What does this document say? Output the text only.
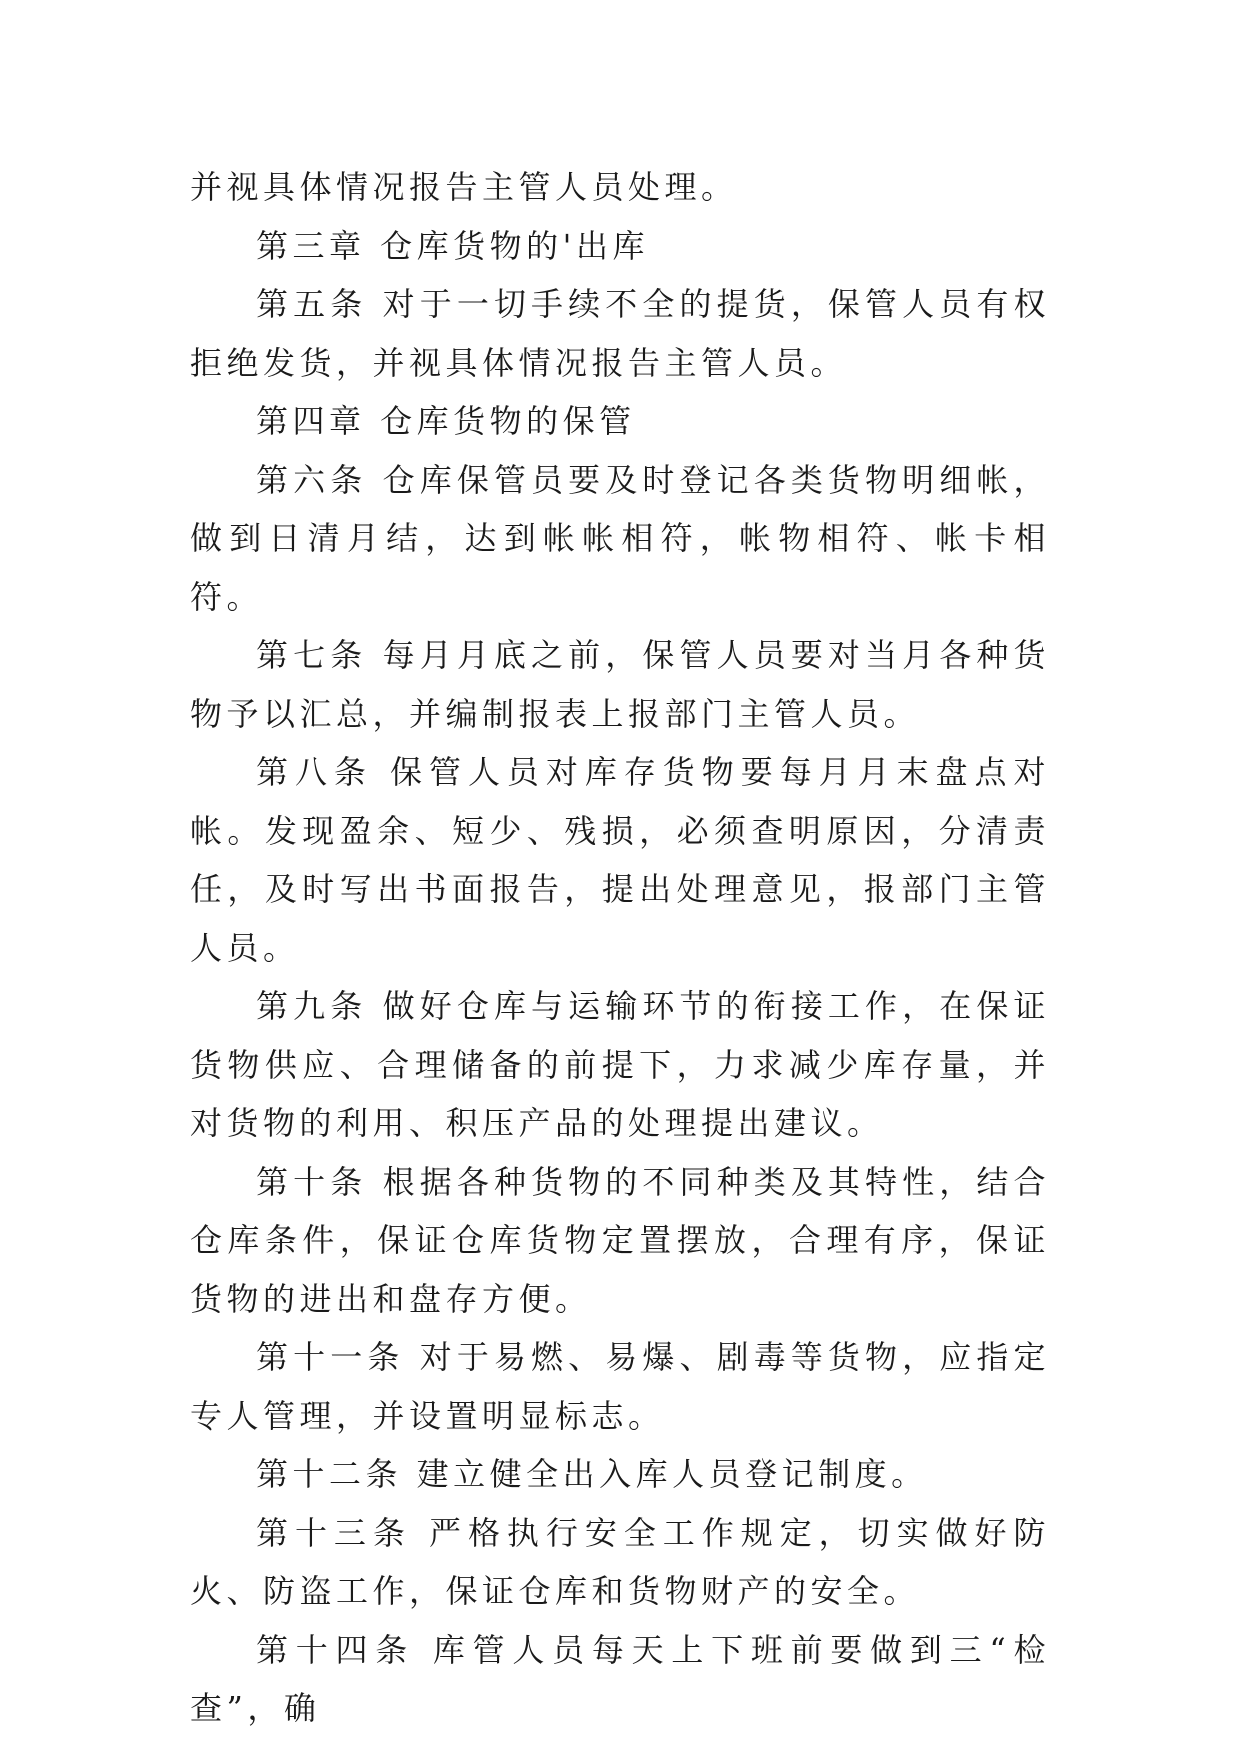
并视具体情况报告主管人员处理。

第三章 仓库货物的'出库

第五条 对于一切手续不全的提货，保管人员有权拒绝发货，并视具体情况报告主管人员。

第四章 仓库货物的保管

第六条 仓库保管员要及时登记各类货物明细帐，做到日清月结，达到帐帐相符，帐物相符、帐卡相符。

第七条 每月月底之前，保管人员要对当月各种货物予以汇总，并编制报表上报部门主管人员。

第八条 保管人员对库存货物要每月月末盘点对帐。发现盈余、短少、残损，必须查明原因，分清责任，及时写出书面报告，提出处理意见，报部门主管人员。

第九条 做好仓库与运输环节的衔接工作，在保证货物供应、合理储备的前提下，力求减少库存量，并对货物的利用、积压产品的处理提出建议。

第十条 根据各种货物的不同种类及其特性，结合仓库条件，保证仓库货物定置摆放，合理有序，保证货物的进出和盘存方便。

第十一条 对于易燃、易爆、剧毒等货物，应指定专人管理，并设置明显标志。

第十二条 建立健全出入库人员登记制度。

第十三条 严格执行安全工作规定，切实做好防火、防盗工作，保证仓库和货物财产的安全。

第十四条 库管人员每天上下班前要做到三“检查”，确
